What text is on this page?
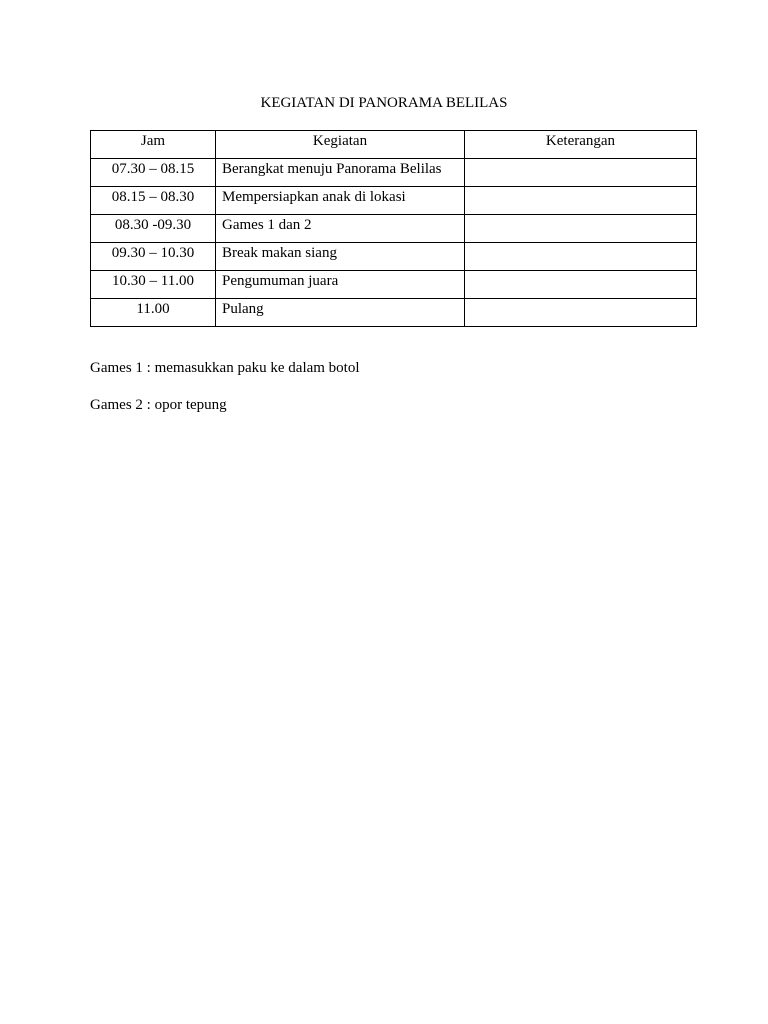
KEGIATAN DI PANORAMA BELILAS
Jam	Kegiatan	Keterangan
07.30 – 08.15	Berangkat menuju Panorama Belilas	
08.15 – 08.30	Mempersiapkan anak di lokasi	
08.30 -09.30	Games 1 dan 2	
09.30 – 10.30	Break makan siang	
10.30 – 11.00	Pengumuman juara	
11.00	Pulang	
Games 1 : memasukkan paku ke dalam botol
Games 2 : opor tepung
